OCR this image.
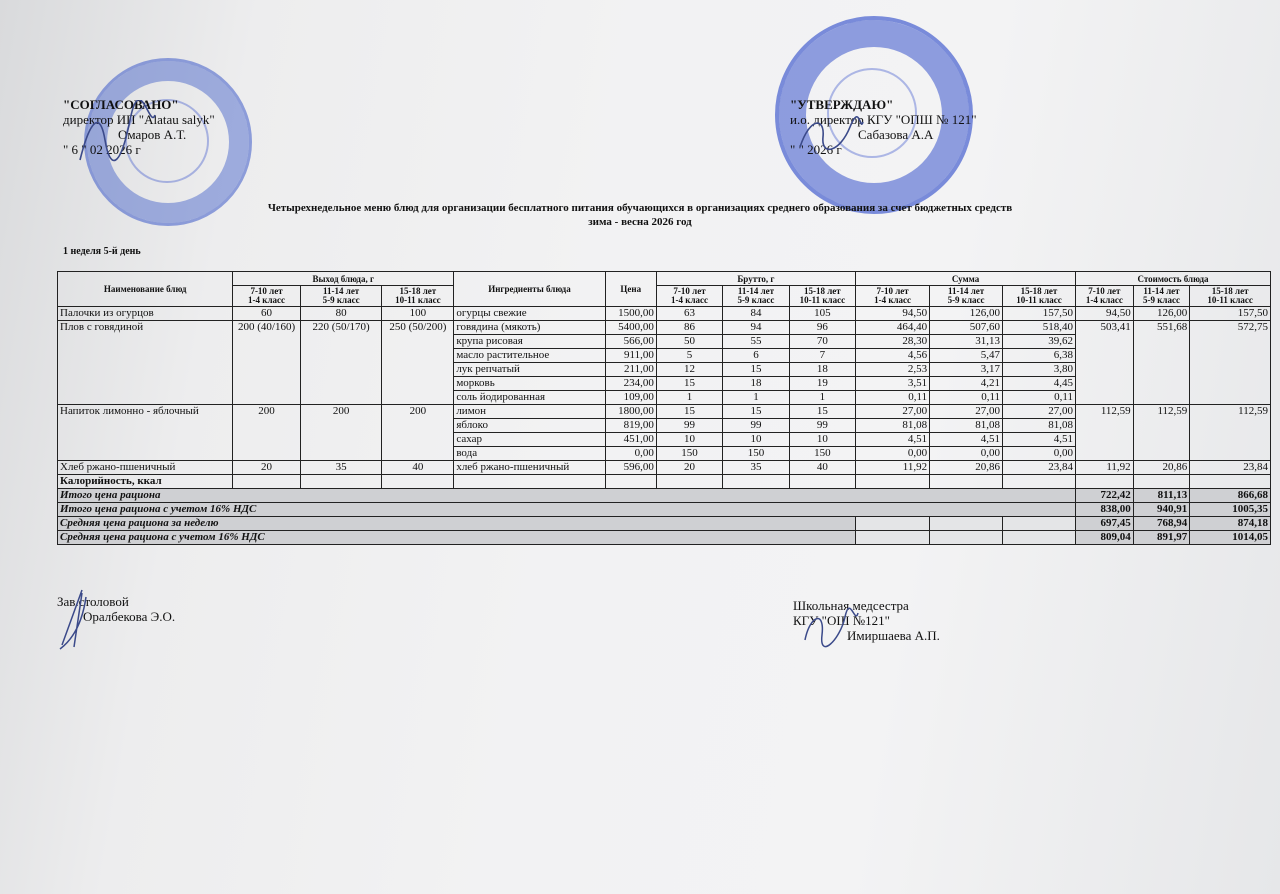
"СОГЛАСОВАНО"
директор ИП "Alatau salyk"
Омаров А.Т.
" 6 " 02 2026 г
"УТВЕРЖДАЮ"
и.о. директор КГУ "ОПШ № 121"
Сабазова А.А
" " 2026 г
Четырехнедельное меню блюд для организации бесплатного питания обучающихся в организациях среднего образования за счет бюджетных средств
зима - весна 2026 год
1 неделя 5-й день
Наименование блюд	Выход блюда, г			Ингредиенты блюда	Цена	Брутто, г			Сумма			Стоимость блюда		
	7-10 лет
1-4 класс	11-14 лет
5-9 класс	15-18 лет
10-11 класс			7-10 лет
1-4 класс	11-14 лет
5-9 класс	15-18 лет
10-11 класс	7-10 лет
1-4 класс	11-14 лет
5-9 класс	15-18 лет
10-11 класс	7-10 лет
1-4 класс	11-14 лет
5-9 класс	15-18 лет
10-11 класс
Палочки из огурцов	60	80	100	огурцы свежие	1500,00	63	84	105	94,50	126,00	157,50	94,50	126,00	157,50
Плов с говядиной	200 (40/160)	220 (50/170)	250 (50/200)	говядина (мякоть)	5400,00	86	94	96	464,40	507,60	518,40	503,41	551,68	572,75
				крупа рисовая	566,00	50	55	70	28,30	31,13	39,62			
				масло растительное	911,00	5	6	7	4,56	5,47	6,38			
				лук репчатый	211,00	12	15	18	2,53	3,17	3,80			
				морковь	234,00	15	18	19	3,51	4,21	4,45			
				соль йодированная	109,00	1	1	1	0,11	0,11	0,11			
Напиток лимонно - яблочный	200	200	200	лимон	1800,00	15	15	15	27,00	27,00	27,00	112,59	112,59	112,59
				яблоко	819,00	99	99	99	81,08	81,08	81,08			
				сахар	451,00	10	10	10	4,51	4,51	4,51			
				вода	0,00	150	150	150	0,00	0,00	0,00			
Хлеб ржано-пшеничный	20	35	40	хлеб ржано-пшеничный	596,00	20	35	40	11,92	20,86	23,84	11,92	20,86	23,84
Калорийность, ккал														
Итого цена рациона												722,42	811,13	866,68
Итого цена рациона с учетом 16% НДС												838,00	940,91	1005,35
Средняя цена рациона за неделю												697,45	768,94	874,18
Средняя цена рациона с учетом 16% НДС												809,04	891,97	1014,05
Зав.столовой
Оралбекова Э.О.
Школьная медсестра
КГУ "ОШ №121"
Имиршаева А.П.
